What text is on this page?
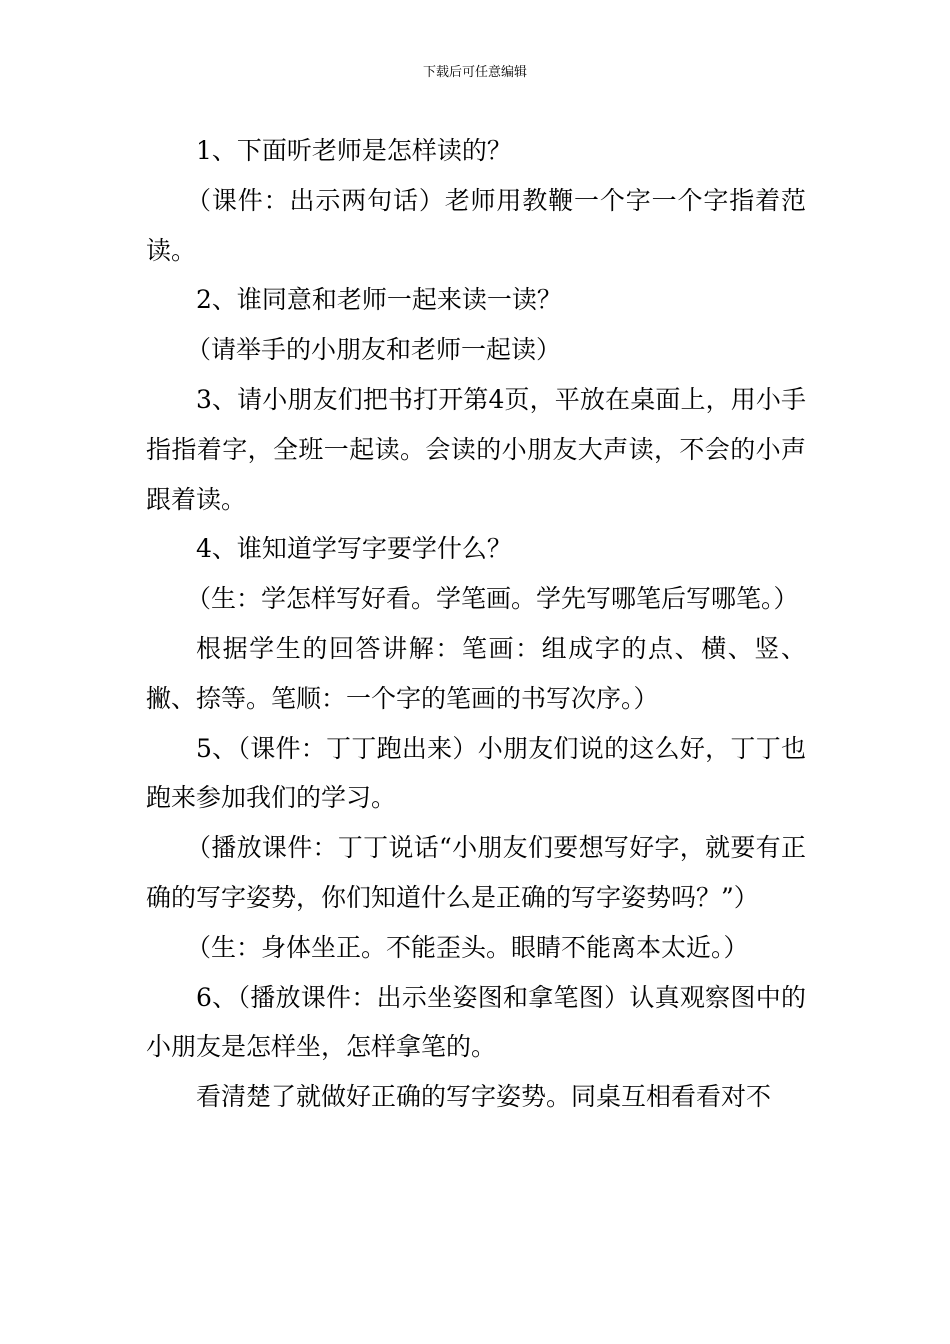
下载后可任意编辑

1、下面听老师是怎样读的？

（课件：出示两句话）老师用教鞭一个字一个字指着范读。

2、谁同意和老师一起来读一读？

（请举手的小朋友和老师一起读）

3、请小朋友们把书打开第4页，平放在桌面上，用小手指指着字，全班一起读。会读的小朋友大声读，不会的小声跟着读。

4、谁知道学写字要学什么？

（生：学怎样写好看。学笔画。学先写哪笔后写哪笔。）

根据学生的回答讲解：笔画：组成字的点、横、竖、撇、捺等。笔顺：一个字的笔画的书写次序。）

5、（课件：丁丁跑出来）小朋友们说的这么好，丁丁也跑来参加我们的学习。

（播放课件：丁丁说话“小朋友们要想写好字，就要有正确的写字姿势，你们知道什么是正确的写字姿势吗？”）

（生：身体坐正。不能歪头。眼睛不能离本太近。）

6、（播放课件：出示坐姿图和拿笔图）认真观察图中的小朋友是怎样坐，怎样拿笔的。

看清楚了就做好正确的写字姿势。同桌互相看看对不
